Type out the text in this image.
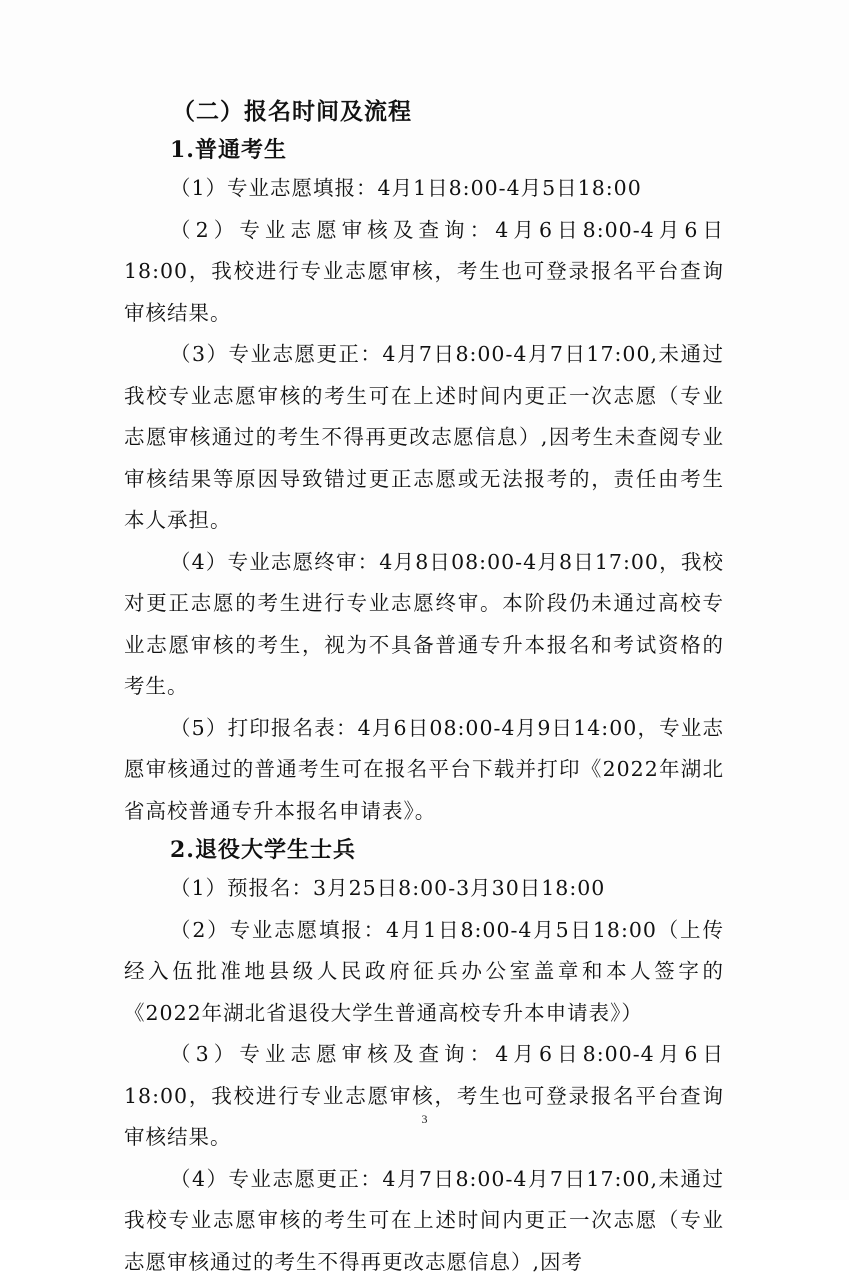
（二）报名时间及流程
1.普通考生

（1）专业志愿填报：4月1日8:00-4月5日18:00

（2）专业志愿审核及查询：4月6日8:00-4月6日18:00，我校进行专业志愿审核，考生也可登录报名平台查询审核结果。

（3）专业志愿更正：4月7日8:00-4月7日17:00,未通过我校专业志愿审核的考生可在上述时间内更正一次志愿（专业志愿审核通过的考生不得再更改志愿信息）,因考生未查阅专业审核结果等原因导致错过更正志愿或无法报考的，责任由考生本人承担。

（4）专业志愿终审：4月8日08:00-4月8日17:00，我校对更正志愿的考生进行专业志愿终审。本阶段仍未通过高校专业志愿审核的考生，视为不具备普通专升本报名和考试资格的考生。

（5）打印报名表：4月6日08:00-4月9日14:00，专业志愿审核通过的普通考生可在报名平台下载并打印《2022年湖北省高校普通专升本报名申请表》。

2.退役大学生士兵

（1）预报名：3月25日8:00-3月30日18:00

（2）专业志愿填报：4月1日8:00-4月5日18:00（上传经入伍批准地县级人民政府征兵办公室盖章和本人签字的《2022年湖北省退役大学生普通高校专升本申请表》）

（3）专业志愿审核及查询：4月6日8:00-4月6日18:00，我校进行专业志愿审核，考生也可登录报名平台查询审核结果。

（4）专业志愿更正：4月7日8:00-4月7日17:00,未通过我校专业志愿审核的考生可在上述时间内更正一次志愿（专业志愿审核通过的考生不得再更改志愿信息）,因考

3
